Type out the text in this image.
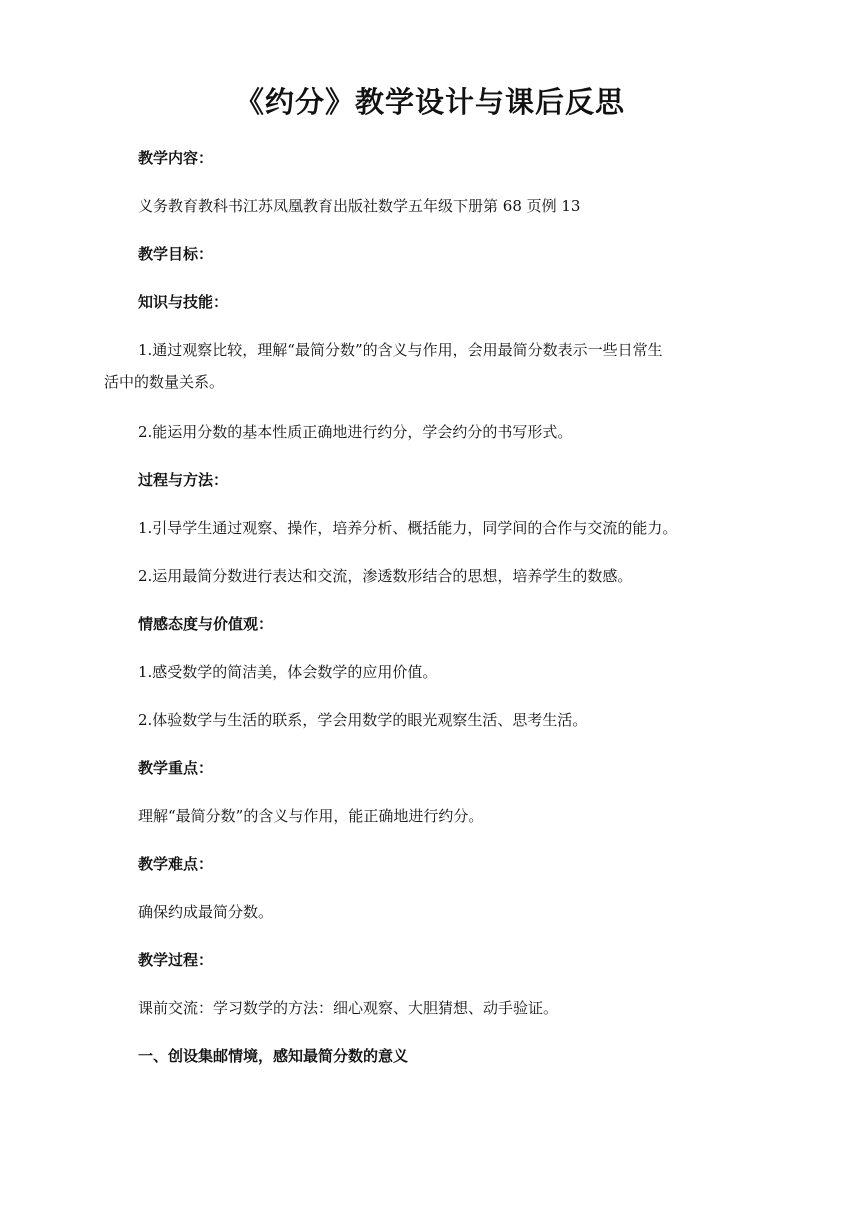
《约分》教学设计与课后反思
教学内容：
义务教育教科书江苏凤凰教育出版社数学五年级下册第 68 页例 13
教学目标：
知识与技能：
1.通过观察比较，理解“最简分数”的含义与作用，会用最简分数表示一些日常生
活中的数量关系。
2.能运用分数的基本性质正确地进行约分，学会约分的书写形式。
过程与方法：
1.引导学生通过观察、操作，培养分析、概括能力，同学间的合作与交流的能力。
2.运用最简分数进行表达和交流，渗透数形结合的思想，培养学生的数感。
情感态度与价值观：
1.感受数学的简洁美，体会数学的应用价值。
2.体验数学与生活的联系，学会用数学的眼光观察生活、思考生活。
教学重点：
理解“最简分数”的含义与作用，能正确地进行约分。
教学难点：
确保约成最简分数。
教学过程：
课前交流：学习数学的方法：细心观察、大胆猜想、动手验证。
一、创设集邮情境，感知最简分数的意义
